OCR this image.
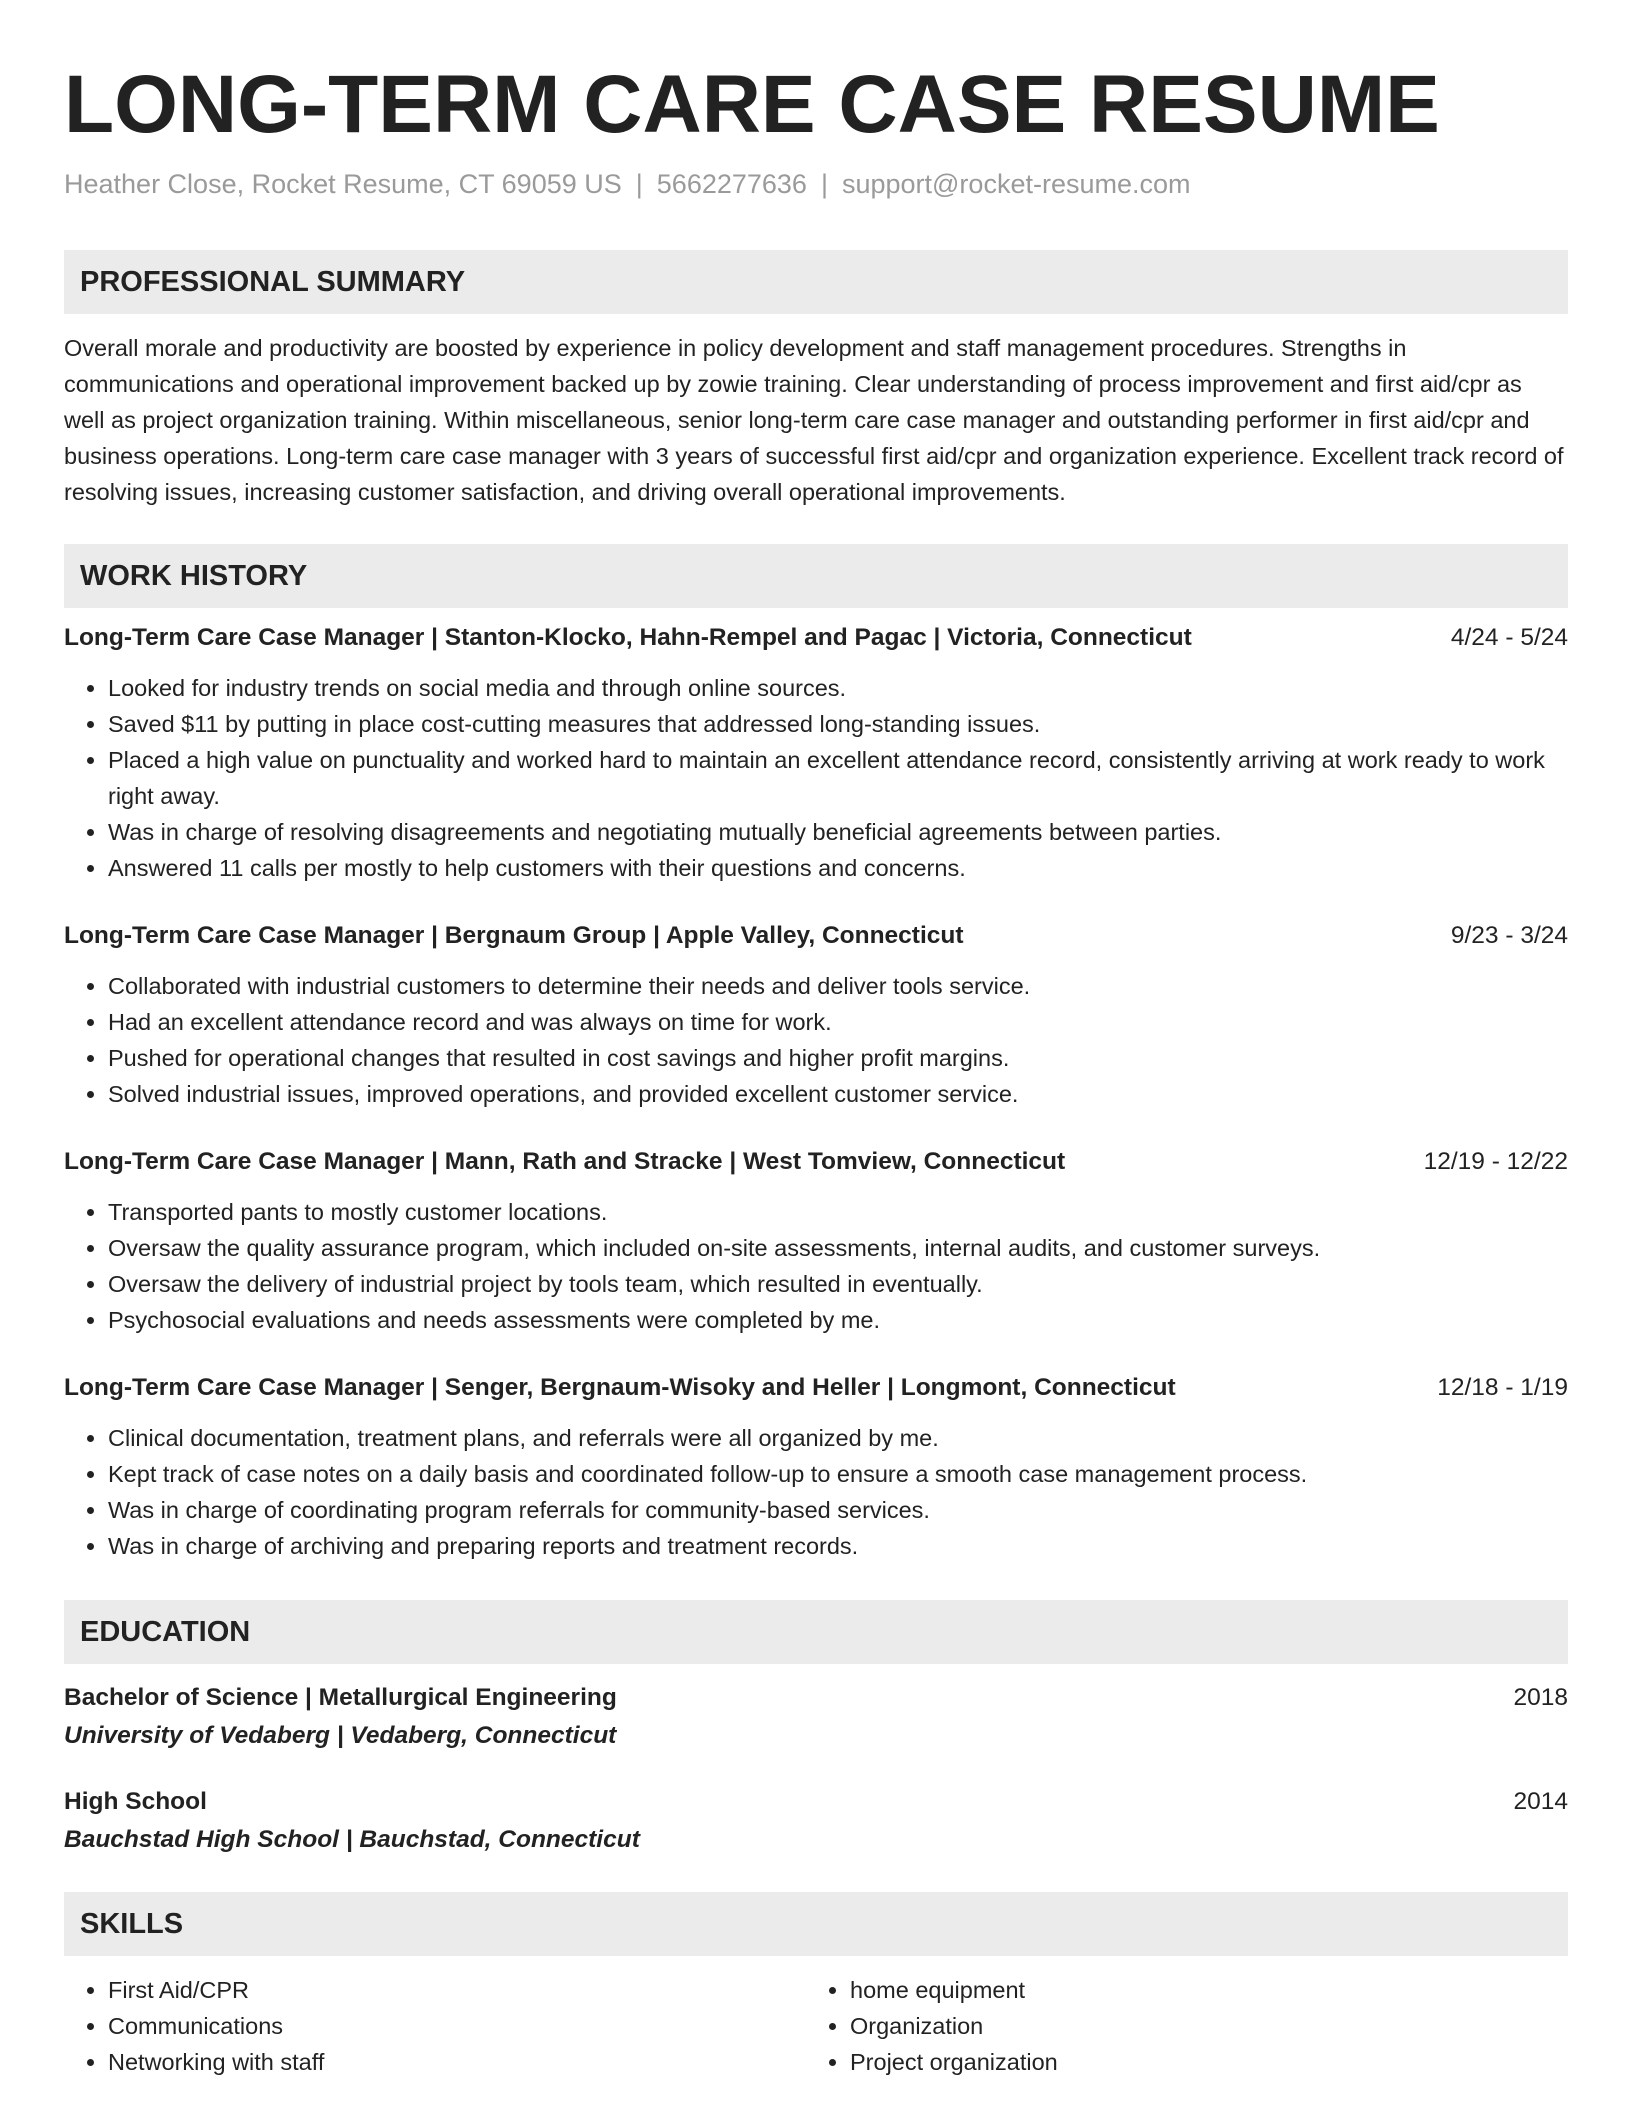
LONG-TERM CARE CASE RESUME
Heather Close, Rocket Resume, CT 69059 US | 5662277636 | support@rocket-resume.com
PROFESSIONAL SUMMARY
Overall morale and productivity are boosted by experience in policy development and staff management procedures. Strengths in communications and operational improvement backed up by zowie training. Clear understanding of process improvement and first aid/cpr as well as project organization training. Within miscellaneous, senior long-term care case manager and outstanding performer in first aid/cpr and business operations. Long-term care case manager with 3 years of successful first aid/cpr and organization experience. Excellent track record of resolving issues, increasing customer satisfaction, and driving overall operational improvements.
WORK HISTORY
Long-Term Care Case Manager | Stanton-Klocko, Hahn-Rempel and Pagac | Victoria, Connecticut	4/24 - 5/24
• Looked for industry trends on social media and through online sources.
• Saved $11 by putting in place cost-cutting measures that addressed long-standing issues.
• Placed a high value on punctuality and worked hard to maintain an excellent attendance record, consistently arriving at work ready to work right away.
• Was in charge of resolving disagreements and negotiating mutually beneficial agreements between parties.
• Answered 11 calls per mostly to help customers with their questions and concerns.
Long-Term Care Case Manager | Bergnaum Group | Apple Valley, Connecticut	9/23 - 3/24
• Collaborated with industrial customers to determine their needs and deliver tools service.
• Had an excellent attendance record and was always on time for work.
• Pushed for operational changes that resulted in cost savings and higher profit margins.
• Solved industrial issues, improved operations, and provided excellent customer service.
Long-Term Care Case Manager | Mann, Rath and Stracke | West Tomview, Connecticut	12/19 - 12/22
• Transported pants to mostly customer locations.
• Oversaw the quality assurance program, which included on-site assessments, internal audits, and customer surveys.
• Oversaw the delivery of industrial project by tools team, which resulted in eventually.
• Psychosocial evaluations and needs assessments were completed by me.
Long-Term Care Case Manager | Senger, Bergnaum-Wisoky and Heller | Longmont, Connecticut	12/18 - 1/19
• Clinical documentation, treatment plans, and referrals were all organized by me.
• Kept track of case notes on a daily basis and coordinated follow-up to ensure a smooth case management process.
• Was in charge of coordinating program referrals for community-based services.
• Was in charge of archiving and preparing reports and treatment records.
EDUCATION
Bachelor of Science | Metallurgical Engineering	2018
University of Vedaberg | Vedaberg, Connecticut
High School	2014
Bauchstad High School | Bauchstad, Connecticut
SKILLS
• First Aid/CPR
• Communications
• Networking with staff
• home equipment
• Organization
• Project organization
